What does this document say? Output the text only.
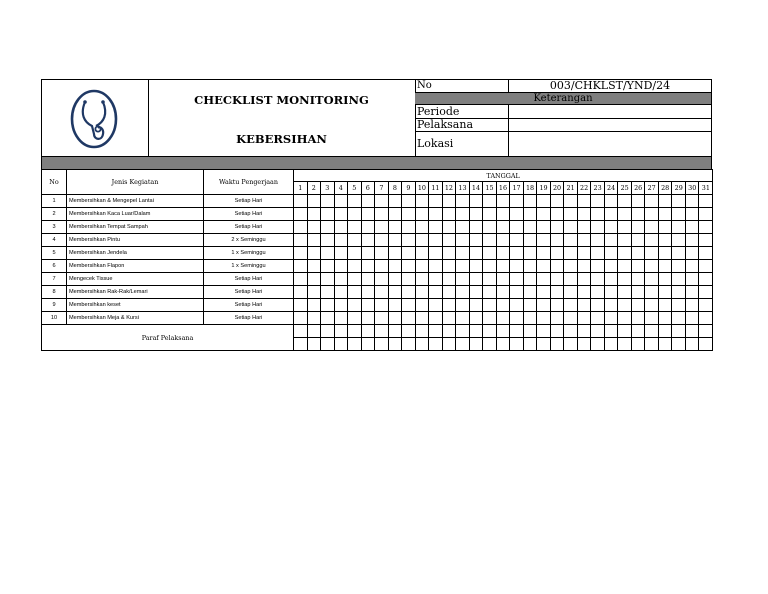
CHECKLIST MONITORING
KEBERSIHAN
No	003/CHKLST/YND/24
Keterangan
Periode
Pelaksana
Lokasi
No	Jenis Kegiatan	Waktu Pengerjaan	TANGGAL																														
			1	2	3	4	5	6	7	8	9	10	11	12	13	14	15	16	17	18	19	20	21	22	23	24	25	26	27	28	29	30	31
1	Membersihkan & Mengepel Lantai	Setiap Hari																															
2	Membersihkan Kaca Luar/Dalam	Setiap Hari																															
3	Membersihkan Tempat Sampah	Setiap Hari																															
4	Membersihkan Pintu	2 x Seminggu																															
5	Membersihkan Jendela	1 x Seminggu																															
6	Membersihkan Flapon	1 x Seminggu																															
7	Mengecek Tissue	Setiap Hari																															
8	Membersihkan Rak-Rak/Lemari	Setiap Hari																															
9	Membersihkan keset	Setiap Hari																															
10	Membersihkan Meja & Kursi	Setiap Hari																															
Paraf Pelaksana																																	
